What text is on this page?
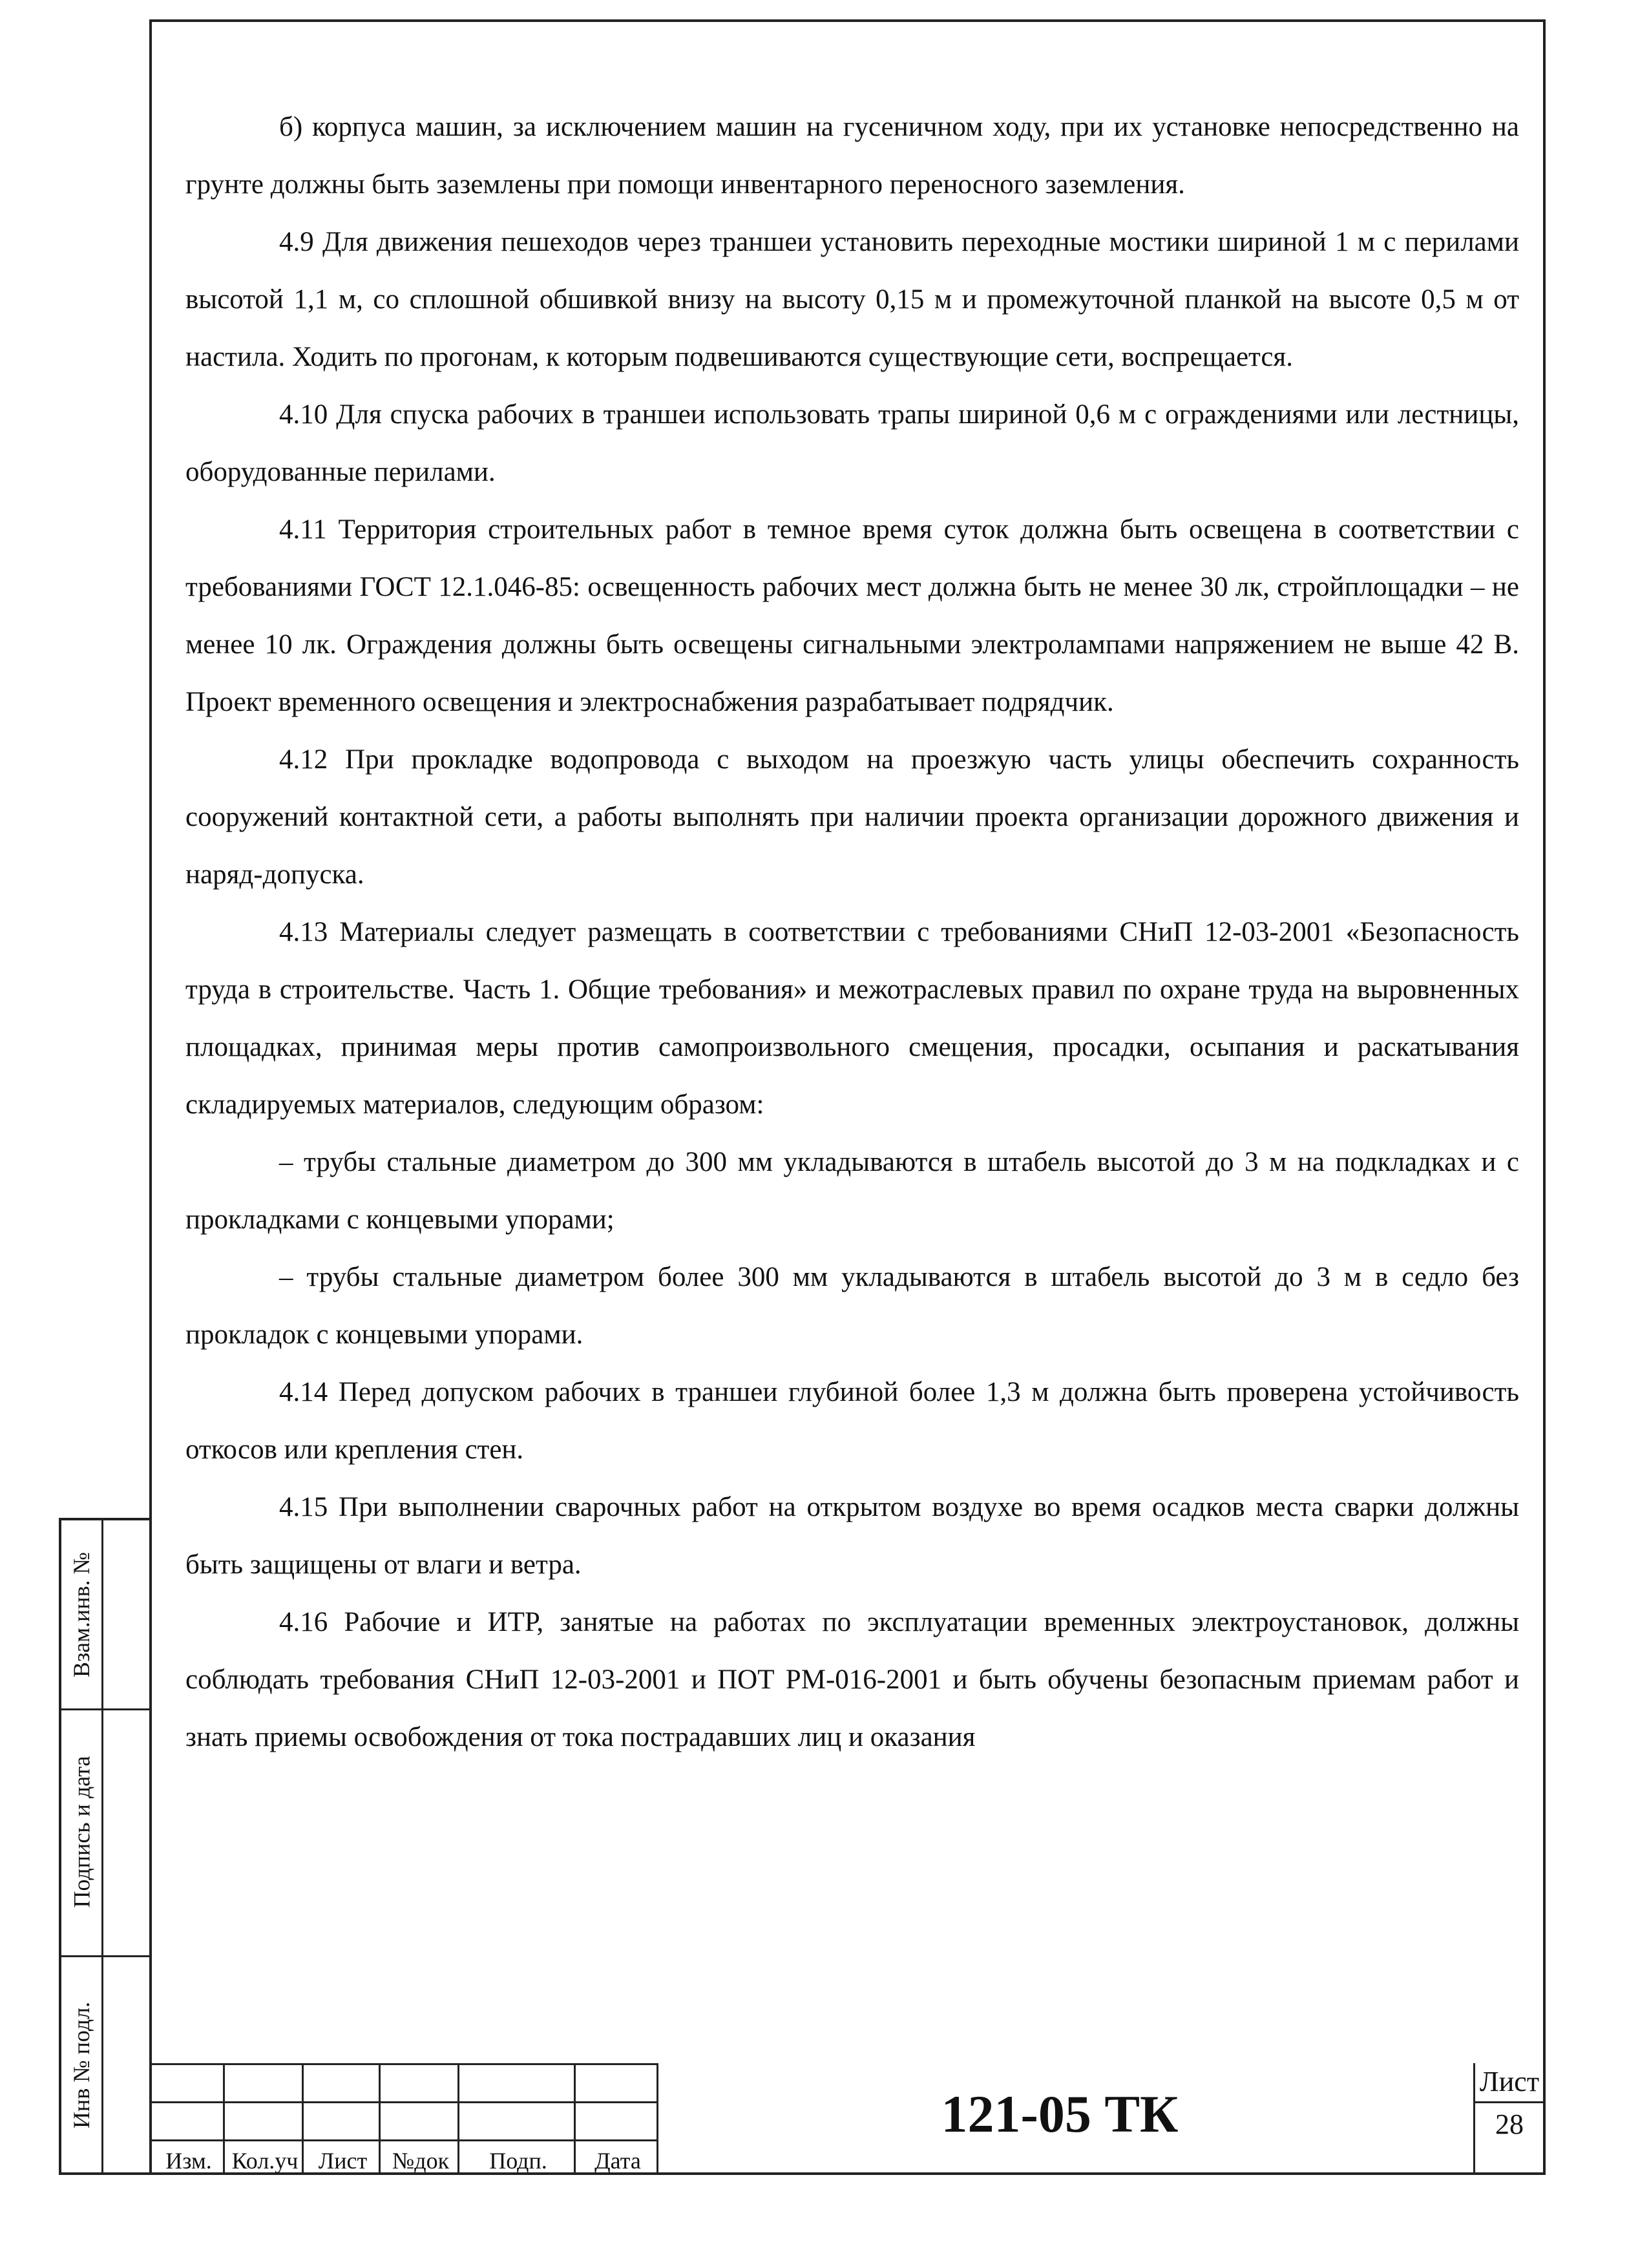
б) корпуса машин, за исключением машин на гусеничном ходу, при их установке непосредственно на грунте должны быть заземлены при помощи инвентарного переносного заземления.

4.9 Для движения пешеходов через траншеи установить переходные мостики шириной 1 м с перилами высотой 1,1 м, со сплошной обшивкой внизу на высоту 0,15 м и промежуточной планкой на высоте 0,5 м от настила. Ходить по прогонам, к которым подвешиваются существующие сети, воспрещается.

4.10 Для спуска рабочих в траншеи использовать трапы шириной 0,6 м с ограждениями или лестницы, оборудованные перилами.

4.11 Территория строительных работ в темное время суток должна быть освещена в соответствии с требованиями ГОСТ 12.1.046-85: освещенность рабочих мест должна быть не менее 30 лк, стройплощадки – не менее 10 лк. Ограждения должны быть освещены сигнальными электролампами напряжением не выше 42 В. Проект временного освещения и электроснабжения разрабатывает подрядчик.

4.12 При прокладке водопровода с выходом на проезжую часть улицы обеспечить сохранность сооружений контактной сети, а работы выполнять при наличии проекта организации дорожного движения и наряд-допуска.

4.13 Материалы следует размещать в соответствии с требованиями СНиП 12-03-2001 «Безопасность труда в строительстве. Часть 1. Общие требования» и межотраслевых правил по охране труда на выровненных площадках, принимая меры против самопроизвольного смещения, просадки, осыпания и раскатывания складируемых материалов, следующим образом:

– трубы стальные диаметром до 300 мм укладываются в штабель высотой до 3 м на подкладках и с прокладками с концевыми упорами;

– трубы стальные диаметром более 300 мм укладываются в штабель высотой до 3 м в седло без прокладок с концевыми упорами.

4.14 Перед допуском рабочих в траншеи глубиной более 1,3 м должна быть проверена устойчивость откосов или крепления стен.

4.15 При выполнении сварочных работ на открытом воздухе во время осадков места сварки должны быть защищены от влаги и ветра.

4.16 Рабочие и ИТР, занятые на работах по эксплуатации временных электроустановок, должны соблюдать требования СНиП 12-03-2001 и ПОТ РМ-016-2001 и быть обучены безопасным приемам работ и знать приемы освобождения от тока пострадавших лиц и оказания

Взам.инв. №
Подпись и дата
Инв № подл.
Изм. Кол.уч Лист	№док	Подп.	Дата
121-05 ТК
Лист
28
